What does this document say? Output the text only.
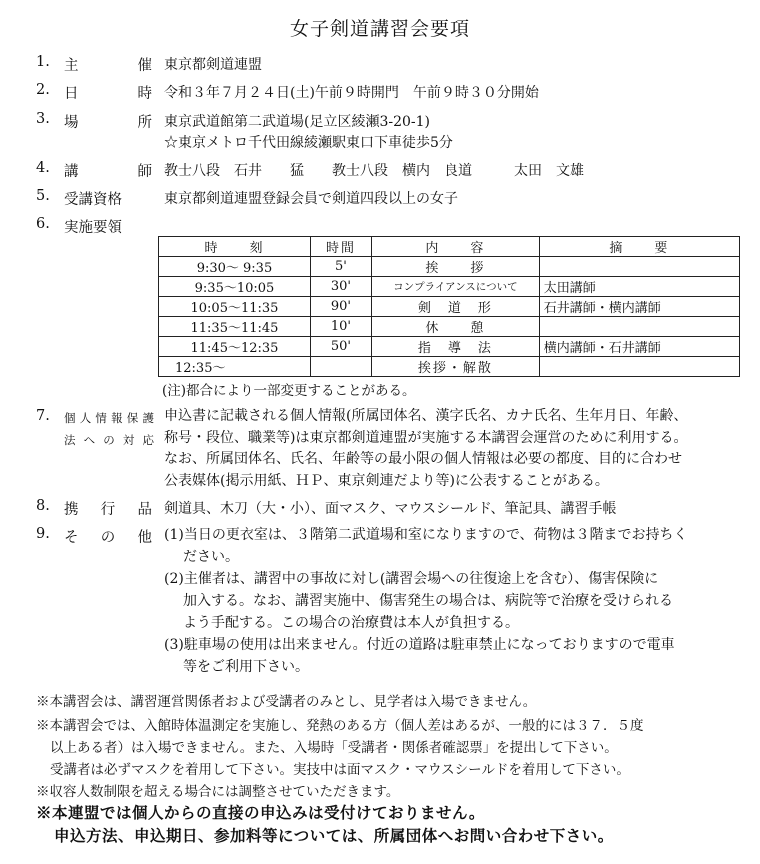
女子剣道講習会要項
1. 主	催 東京都剣道連盟
2. 日	時 令和３年７月２４日(土)午前９時開門　午前９時３０分開始
3. 場	所 東京武道館第二武道場(足立区綾瀬3-20-1)
☆東京メトロ千代田線綾瀬駅東口下車徒歩5分
4. 講	師 教士八段　石井　　猛　　教士八段　横内　良道　　　太田　文雄
5. 受講資格	東京都剣道連盟登録会員で剣道四段以上の女子
6. 実施要領
時　　刻	時間	内　　容	摘　　要
9:30～ 9:35	5'	挨　　拶	
9:35～10:05	30'	コンプライアンスについて	太田講師
10:05～11:35	90'	剣　道　形	石井講師・横内講師
11:35～11:45	10'	休　　憩	
11:45～12:35	50'	指　導　法	横内講師・石井講師
12:35～		挨拶・解散	
(注)都合により一部変更することがある。
7. 個 人 情 報 保 護
法 へ の 対 応
申込書に記載される個人情報(所属団体名、漢字氏名、カナ氏名、生年月日、年齢、
称号・段位、職業等)は東京都剣道連盟が実施する本講習会運営のために利用する。
なお、所属団体名、氏名、年齢等の最小限の個人情報は必要の都度、目的に合わせ
公表媒体(掲示用紙、ＨＰ、東京剣連だより等)に公表することがある。
8. 携 行 品 剣道具、木刀（大・小）、面マスク、マウスシールド、筆記具、講習手帳
9. そ の 他 (1)当日の更衣室は、３階第二武道場和室になりますので、荷物は３階までお持ちく
ださい。
(2)主催者は、講習中の事故に対し(講習会場への往復途上を含む）、傷害保険に
加入する。なお、講習実施中、傷害発生の場合は、病院等で治療を受けられる
よう手配する。この場合の治療費は本人が負担する。
(3)駐車場の使用は出来ません。付近の道路は駐車禁止になっておりますので電車
等をご利用下さい。
※本講習会は、講習運営関係者および受講者のみとし、見学者は入場できません。
※本講習会では、入館時体温測定を実施し、発熱のある方（個人差はあるが、一般的には３７．５度
以上ある者）は入場できません。また、入場時「受講者・関係者確認票」を提出して下さい。
受講者は必ずマスクを着用して下さい。実技中は面マスク・マウスシールドを着用して下さい。
※収容人数制限を超える場合には調整させていただきます。
※本連盟では個人からの直接の申込みは受付けておりません。
申込方法、申込期日、参加料等については、所属団体へお問い合わせ下さい。
